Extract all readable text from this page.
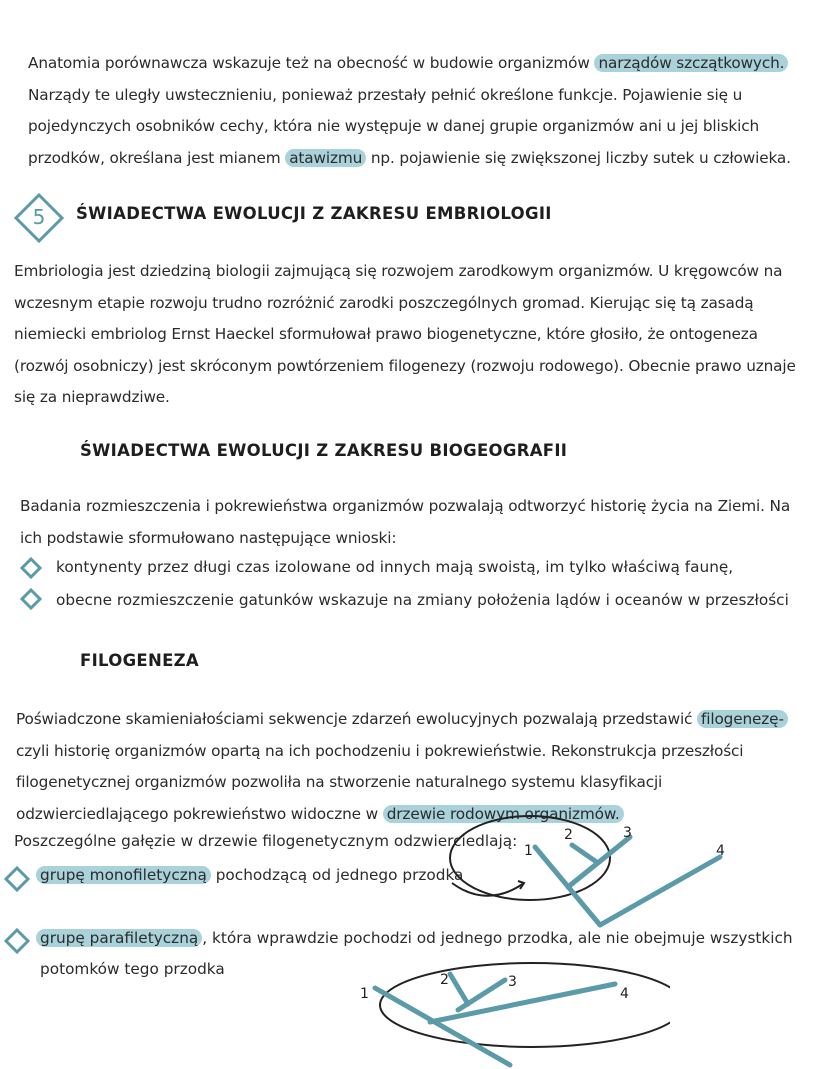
Anatomia porównawcza wskazuje też na obecność w budowie organizmów narządów szczątkowych. Narządy te uległy uwstecznieniu, ponieważ przestały pełnić określone funkcje. Pojawienie się u pojedynczych osobników cechy, która nie występuje w danej grupie organizmów ani u jej bliskich przodków, określana jest mianem atawizmu np. pojawienie się zwiększonej liczby sutek u człowieka.
5	ŚWIADECTWA EWOLUCJI Z ZAKRESU EMBRIOLOGII
Embriologia jest dziedziną biologii zajmującą się rozwojem zarodkowym organizmów. U kręgowców na wczesnym etapie rozwoju trudno rozróżnić zarodki poszczególnych gromad. Kierując się tą zasadą niemiecki embriolog Ernst Haeckel sformułował prawo biogenetyczne, które głosiło, że ontogeneza (rozwój osobniczy) jest skróconym powtórzeniem filogenezy (rozwoju rodowego). Obecnie prawo uznaje się za nieprawdziwe.
ŚWIADECTWA EWOLUCJI Z ZAKRESU BIOGEOGRAFII
Badania rozmieszczenia i pokrewieństwa organizmów pozwalają odtworzyć historię życia na Ziemi. Na ich podstawie sformułowano następujące wnioski:
kontynenty przez długi czas izolowane od innych mają swoistą, im tylko właściwą faunę,
obecne rozmieszczenie gatunków wskazuje na zmiany położenia lądów i oceanów w przeszłości
FILOGENEZA
Poświadczone skamieniałościami sekwencje zdarzeń ewolucyjnych pozwalają przedstawić filogenezę- czyli historię organizmów opartą na ich pochodzeniu i pokrewieństwie. Rekonstrukcja przeszłości filogenetycznej organizmów pozwoliła na stworzenie naturalnego systemu klasyfikacji odzwierciedlającego pokrewieństwo widoczne w drzewie rodowym organizmów.
Poszczególne gałęzie w drzewie filogenetycznym odzwierciedlają:
grupę monofiletyczną pochodzącą od jednego przodka
grupę parafiletyczną , która wprawdzie pochodzi od jednego przodka, ale nie obejmuje wszystkich
potomków tego przodka
1
2	3
4
1
2	3
4
